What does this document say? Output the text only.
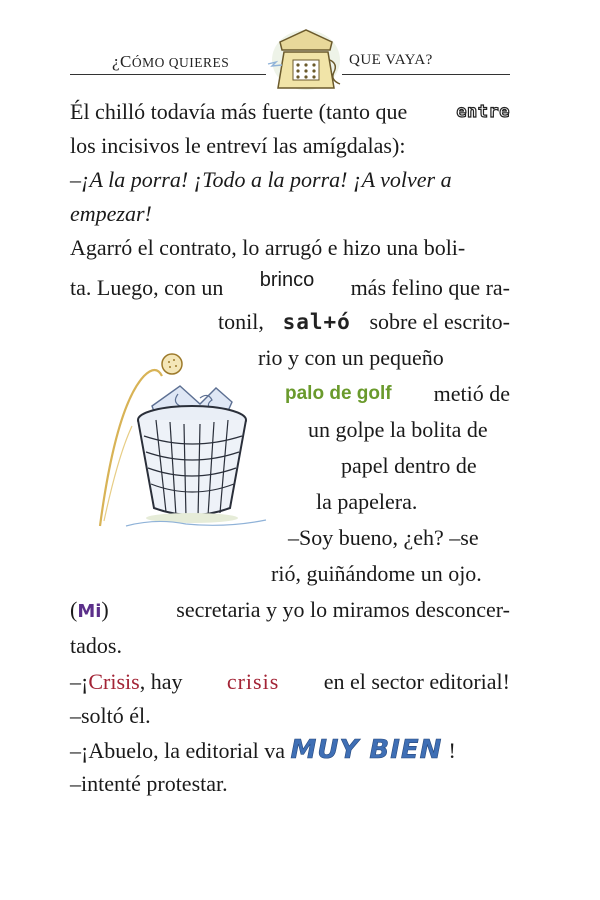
¿CÓMO QUIERES	QUE VAYA?
Él chilló todavía más fuerte (tanto que	entre
los incisivos le entreví las amígdalas):
–¡A la porra! ¡Todo a la porra! ¡A volver a
empezar!
Agarró el contrato, lo arrugó e hizo una boli-
ta. Luego, con un brinco más felino que ra-
tonil, sal+ó sobre el escrito-
rio y con un pequeño
palo de golf metió de
un golpe la bolita de
papel dentro de
la papelera.
–Soy bueno, ¿eh? –se
rió, guiñándome un ojo.
(Mi)	secretaria y yo lo miramos desconcer-
tados.
–¡Crisis, hay crisis en el sector editorial!
–soltó él.
–¡Abuelo, la editorial va MUY BIEN !
–intenté protestar.
